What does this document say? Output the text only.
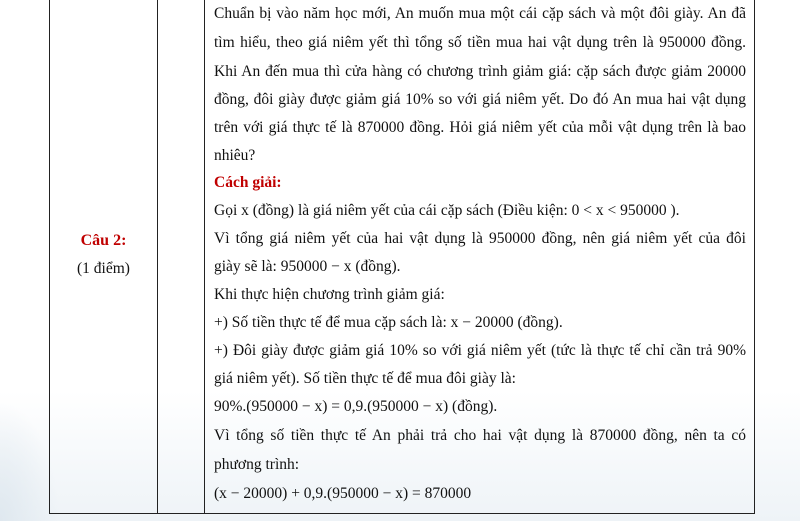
Câu 2:
(1 điểm)
Chuẩn bị vào năm học mới, An muốn mua một cái cặp sách và một đôi giày. An đã
tìm hiểu, theo giá niêm yết thì tổng số tiền mua hai vật dụng trên là 950000 đồng.
Khi An đến mua thì cửa hàng có chương trình giảm giá: cặp sách được giảm 20000
đồng, đôi giày được giảm giá 10% so với giá niêm yết. Do đó An mua hai vật dụng
trên với giá thực tế là 870000 đồng. Hỏi giá niêm yết của mỗi vật dụng trên là bao
nhiêu?
Cách giải:
Gọi x (đồng) là giá niêm yết của cái cặp sách (Điều kiện: 0 < x < 950000 ).
Vì tổng giá niêm yết của hai vật dụng là 950000 đồng, nên giá niêm yết của đôi
giày sẽ là: 950000 − x (đồng).
Khi thực hiện chương trình giảm giá:
+) Số tiền thực tế để mua cặp sách là: x − 20000 (đồng).
+) Đôi giày được giảm giá 10% so với giá niêm yết (tức là thực tế chỉ cần trả 90%
giá niêm yết). Số tiền thực tế để mua đôi giày là:
90%.(950000 − x) = 0,9.(950000 − x) (đồng).
Vì tổng số tiền thực tế An phải trả cho hai vật dụng là 870000 đồng, nên ta có
phương trình:
(x − 20000) + 0,9.(950000 − x) = 870000
